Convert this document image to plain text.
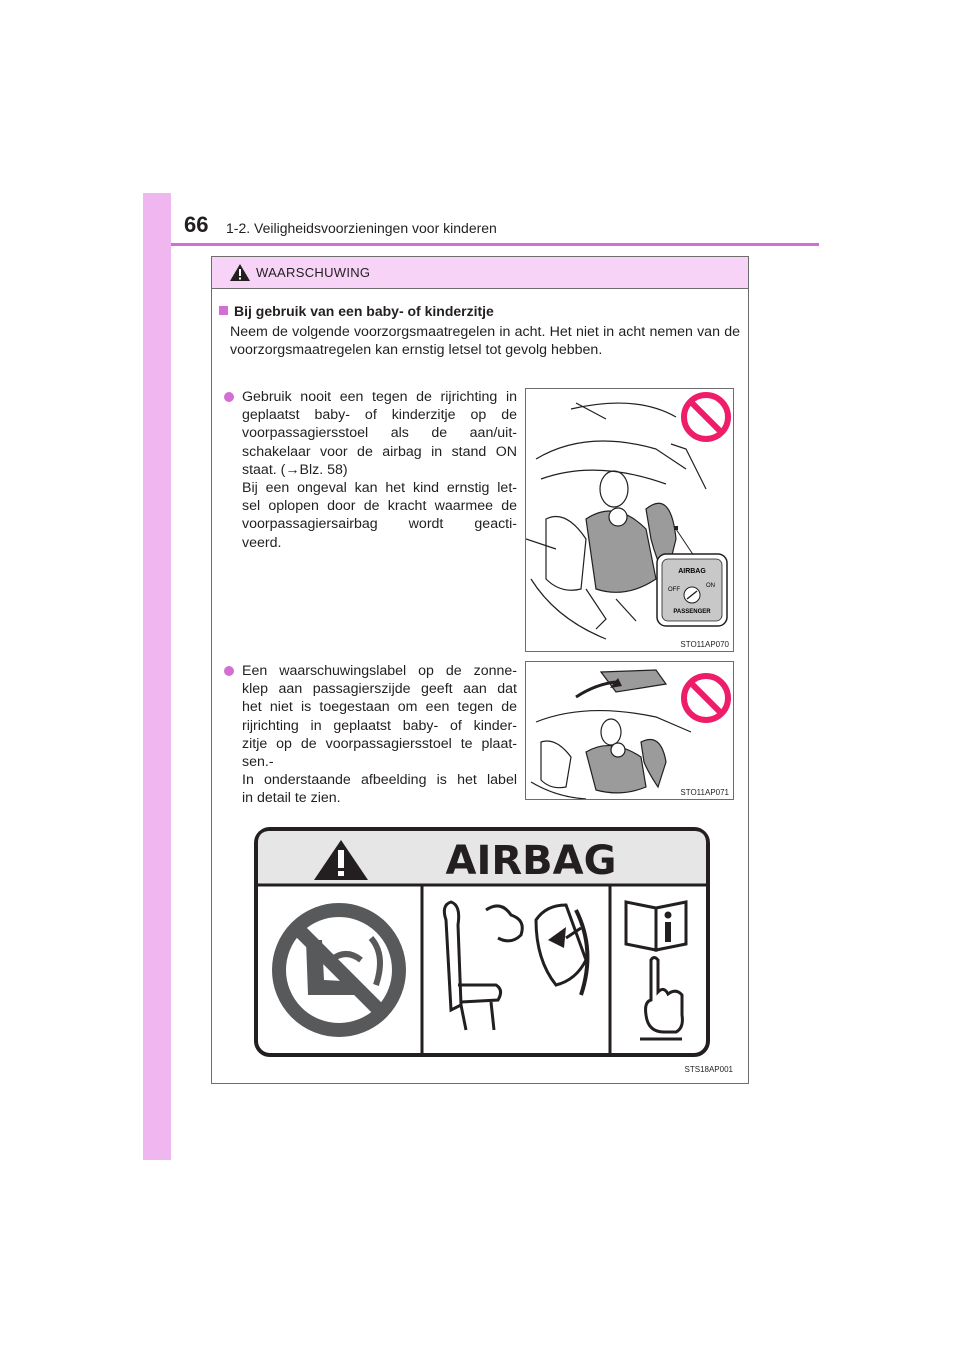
66 1-2. Veiligheidsvoorzieningen voor kinderen
WAARSCHUWING
Bij gebruik van een baby- of kinderzitje
Neem de volgende voorzorgsmaatregelen in acht. Het niet in acht nemen van de voorzorgsmaatregelen kan ernstig letsel tot gevolg hebben.
Gebruik nooit een tegen de rijrichting in
geplaatst baby- of kinderzitje op de
voorpassagiersstoel als de aan/uit-
schakelaar voor de airbag in stand ON
staat. (→Blz. 58)
Bij een ongeval kan het kind ernstig let-
sel oplopen door de kracht waarmee de
voorpassagiersairbag wordt geacti-
veerd.
Een waarschuwingslabel op de zonne-
klep aan passagierszijde geeft aan dat
het niet is toegestaan om een tegen de
rijrichting in geplaatst baby- of kinder-
zitje op de voorpassagiersstoel te plaat-
sen.-
In onderstaande afbeelding is het label
in detail te zien.
AIRBAG
OFF
ON
PASSENGER
STO11AP070
STO11AP071
AIRBAG
STS18AP001
